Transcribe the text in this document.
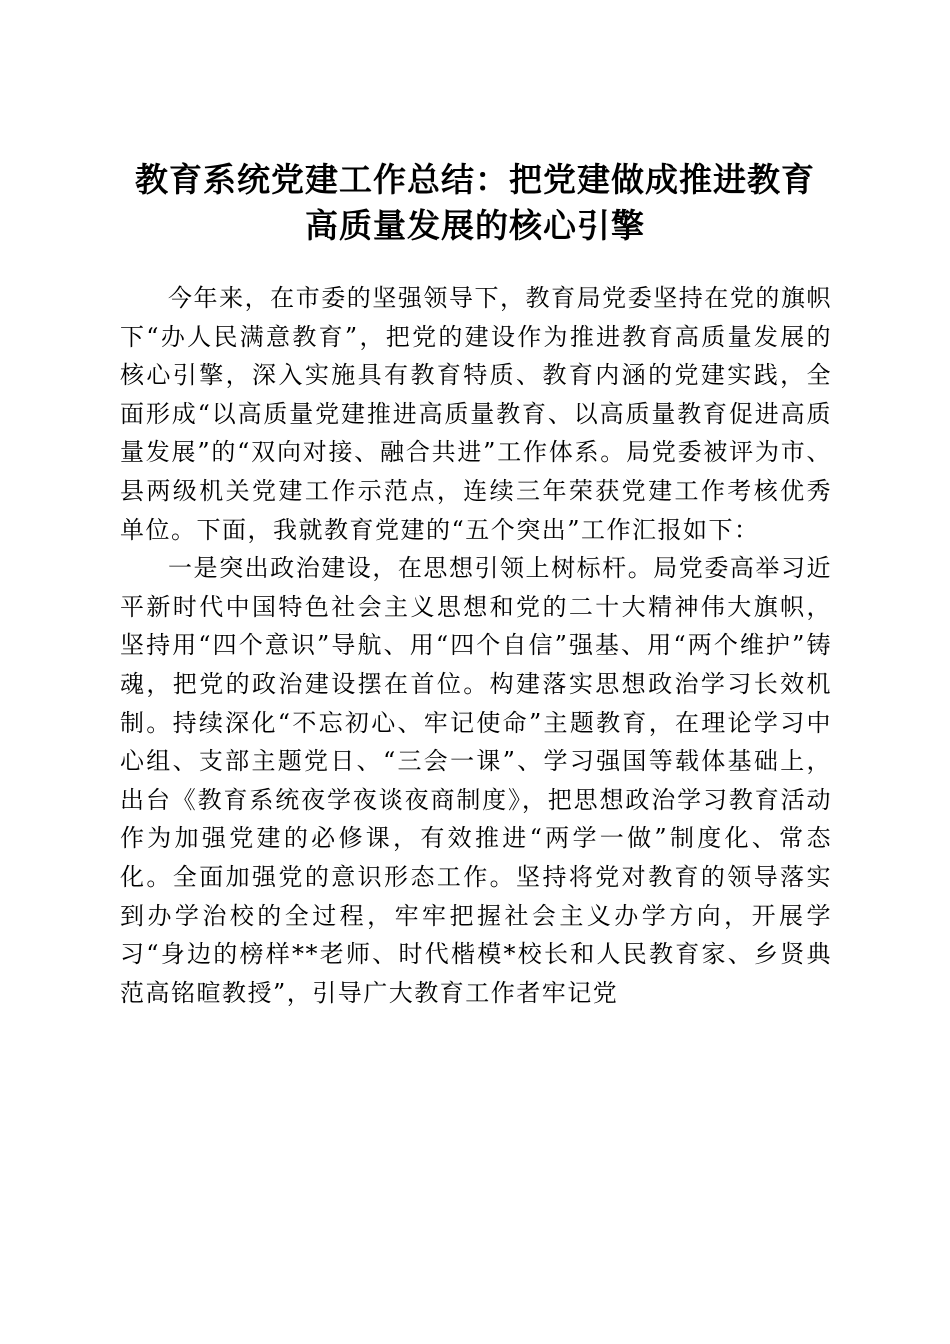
教育系统党建工作总结：把党建做成推进教育
高质量发展的核心引擎

今年来，在市委的坚强领导下，教育局党委坚持在党的旗帜下“办人民满意教育”，把党的建设作为推进教育高质量发展的核心引擎，深入实施具有教育特质、教育内涵的党建实践，全面形成“以高质量党建推进高质量教育、以高质量教育促进高质量发展”的“双向对接、融合共进”工作体系。局党委被评为市、县两级机关党建工作示范点，连续三年荣获党建工作考核优秀单位。下面，我就教育党建的“五个突出”工作汇报如下：

一是突出政治建设，在思想引领上树标杆。局党委高举习近平新时代中国特色社会主义思想和党的二十大精神伟大旗帜，坚持用“四个意识”导航、用“四个自信”强基、用“两个维护”铸魂，把党的政治建设摆在首位。构建落实思想政治学习长效机制。持续深化“不忘初心、牢记使命”主题教育，在理论学习中心组、支部主题党日、“三会一课”、学习强国等载体基础上，出台《教育系统夜学夜谈夜商制度》，把思想政治学习教育活动作为加强党建的必修课，有效推进“两学一做”制度化、常态化。全面加强党的意识形态工作。坚持将党对教育的领导落实到办学治校的全过程，牢牢把握社会主义办学方向，开展学习“身边的榜样**老师、时代楷模*校长和人民教育家、乡贤典范高铭暄教授”，引导广大教育工作者牢记党
